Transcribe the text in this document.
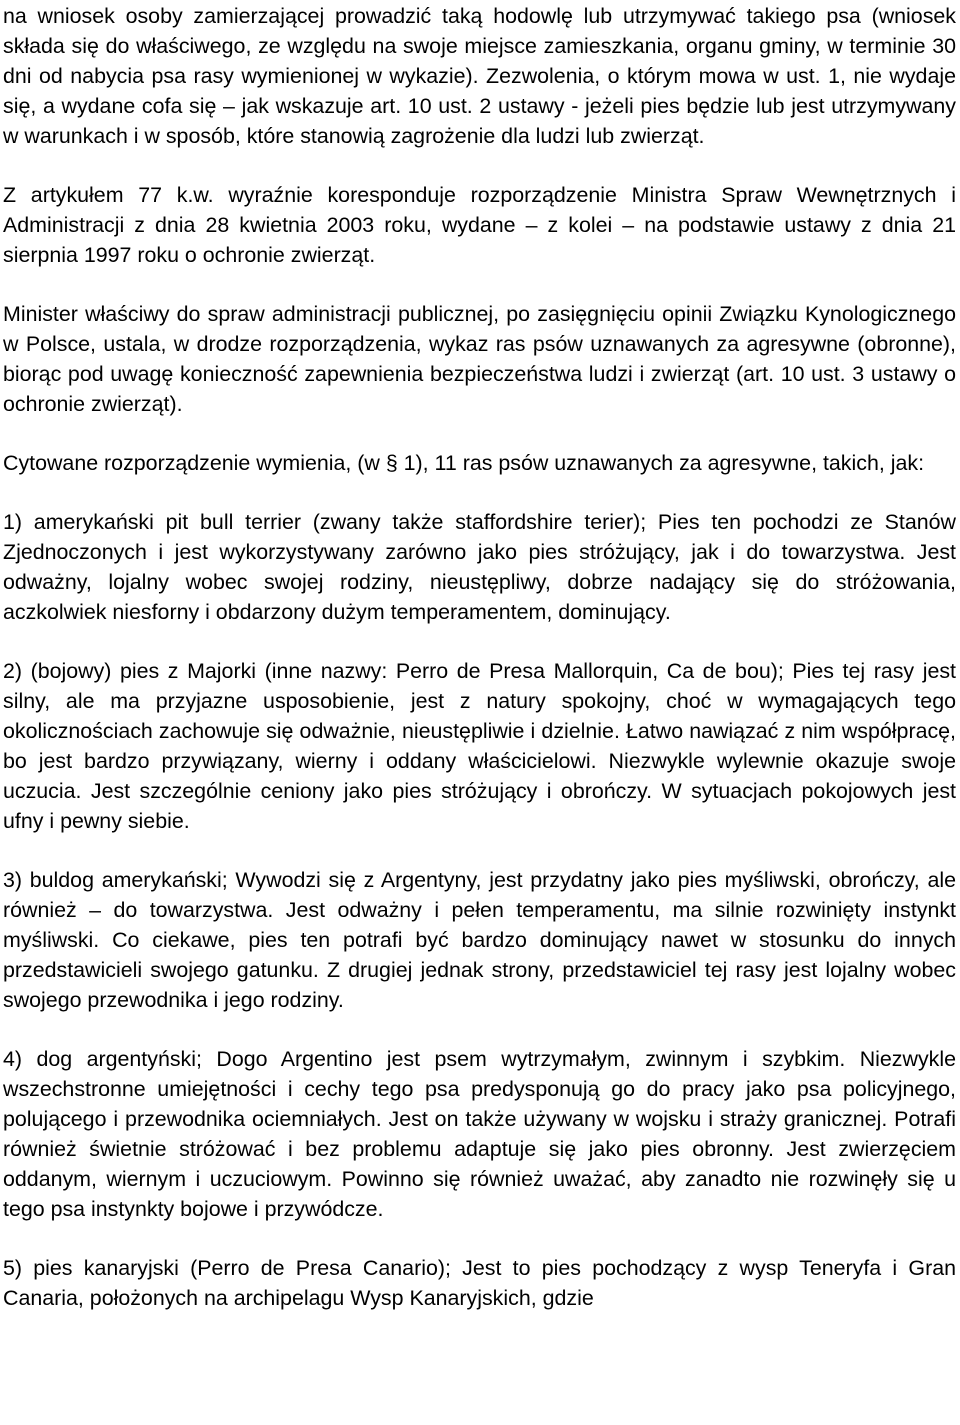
na wniosek osoby zamierzającej prowadzić taką hodowlę lub utrzymywać takiego psa (wniosek składa się do właściwego, ze względu na swoje miejsce zamieszkania, organu gminy, w terminie 30 dni od nabycia psa rasy wymienionej w wykazie). Zezwolenia, o którym mowa w ust. 1, nie wydaje się, a wydane cofa się – jak wskazuje art. 10 ust. 2 ustawy - jeżeli pies będzie lub jest utrzymywany w warunkach i w sposób, które stanowią zagrożenie dla ludzi lub zwierząt.

Z artykułem 77 k.w. wyraźnie koresponduje rozporządzenie Ministra Spraw Wewnętrznych i Administracji z dnia 28 kwietnia 2003 roku, wydane – z kolei – na podstawie ustawy z dnia 21 sierpnia 1997 roku o ochronie zwierząt.

Minister właściwy do spraw administracji publicznej, po zasięgnięciu opinii Związku Kynologicznego w Polsce, ustala, w drodze rozporządzenia, wykaz ras psów uznawanych za agresywne (obronne), biorąc pod uwagę konieczność zapewnienia bezpieczeństwa ludzi i zwierząt (art. 10 ust. 3 ustawy o ochronie zwierząt).

Cytowane rozporządzenie wymienia, (w § 1), 11 ras psów uznawanych za agresywne, takich, jak:

1) amerykański pit bull terrier (zwany także staffordshire terier); Pies ten pochodzi ze Stanów Zjednoczonych i jest wykorzystywany zarówno jako pies stróżujący, jak i do towarzystwa. Jest odważny, lojalny wobec swojej rodziny, nieustępliwy, dobrze nadający się do stróżowania, aczkolwiek niesforny i obdarzony dużym temperamentem, dominujący.

2) (bojowy) pies z Majorki (inne nazwy: Perro de Presa Mallorquin, Ca de bou); Pies tej rasy jest silny, ale ma przyjazne usposobienie, jest z natury spokojny, choć w wymagających tego okolicznościach zachowuje się odważnie, nieustępliwie i dzielnie. Łatwo nawiązać z nim współpracę, bo jest bardzo przywiązany, wierny i oddany właścicielowi. Niezwykle wylewnie okazuje swoje uczucia. Jest szczególnie ceniony jako pies stróżujący i obrończy. W sytuacjach pokojowych jest ufny i pewny siebie.

3) buldog amerykański; Wywodzi się z Argentyny, jest przydatny jako pies myśliwski, obrończy, ale również – do towarzystwa. Jest odważny i pełen temperamentu, ma silnie rozwinięty instynkt myśliwski. Co ciekawe, pies ten potrafi być bardzo dominujący nawet w stosunku do innych przedstawicieli swojego gatunku. Z drugiej jednak strony, przedstawiciel tej rasy jest lojalny wobec swojego przewodnika i jego rodziny.

4) dog argentyński; Dogo Argentino jest psem wytrzymałym, zwinnym i szybkim. Niezwykle wszechstronne umiejętności i cechy tego psa predysponują go do pracy jako psa policyjnego, polującego i przewodnika ociemniałych. Jest on także używany w wojsku i straży granicznej. Potrafi również świetnie stróżować i bez problemu adaptuje się jako pies obronny. Jest zwierzęciem oddanym, wiernym i uczuciowym. Powinno się również uważać, aby zanadto nie rozwinęły się u tego psa instynkty bojowe i przywódcze.

5) pies kanaryjski (Perro de Presa Canario); Jest to pies pochodzący z wysp Teneryfa i Gran Canaria, położonych na archipelagu Wysp Kanaryjskich, gdzie
